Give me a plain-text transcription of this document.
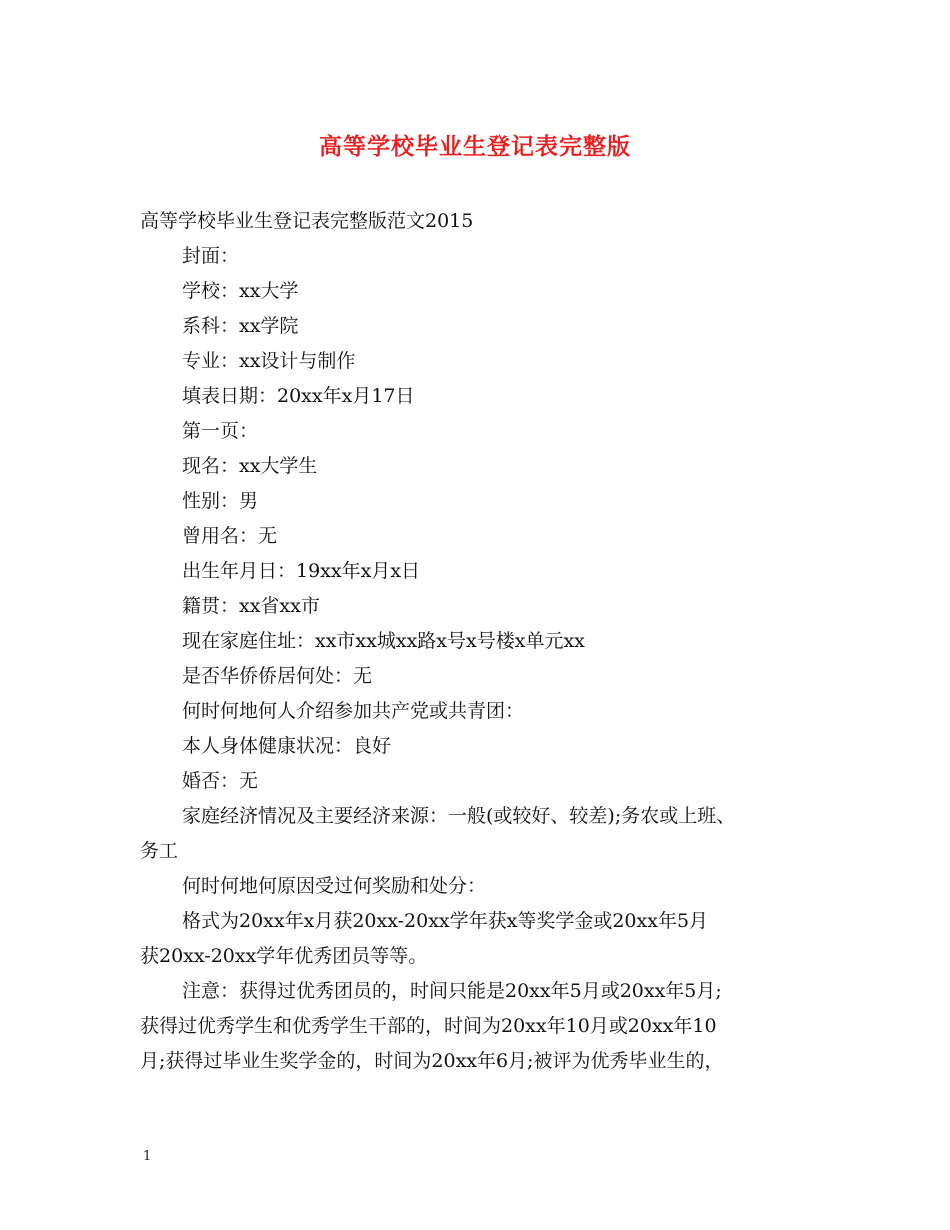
高等学校毕业生登记表完整版
高等学校毕业生登记表完整版范文2015
封面：
学校：xx大学
系科：xx学院
专业：xx设计与制作
填表日期：20xx年x月17日
第一页：
现名：xx大学生
性别：男
曾用名：无
出生年月日：19xx年x月x日
籍贯：xx省xx市
现在家庭住址：xx市xx城xx路x号x号楼x单元xx
是否华侨侨居何处：无
何时何地何人介绍参加共产党或共青团：
本人身体健康状况：良好
婚否：无
家庭经济情况及主要经济来源：一般(或较好、较差);务农或上班、
务工
何时何地何原因受过何奖励和处分：
格式为20xx年x月获20xx-20xx学年获x等奖学金或20xx年5月
获20xx-20xx学年优秀团员等等。
注意：获得过优秀团员的，时间只能是20xx年5月或20xx年5月;
获得过优秀学生和优秀学生干部的，时间为20xx年10月或20xx年10
月;获得过毕业生奖学金的，时间为20xx年6月;被评为优秀毕业生的，
1
